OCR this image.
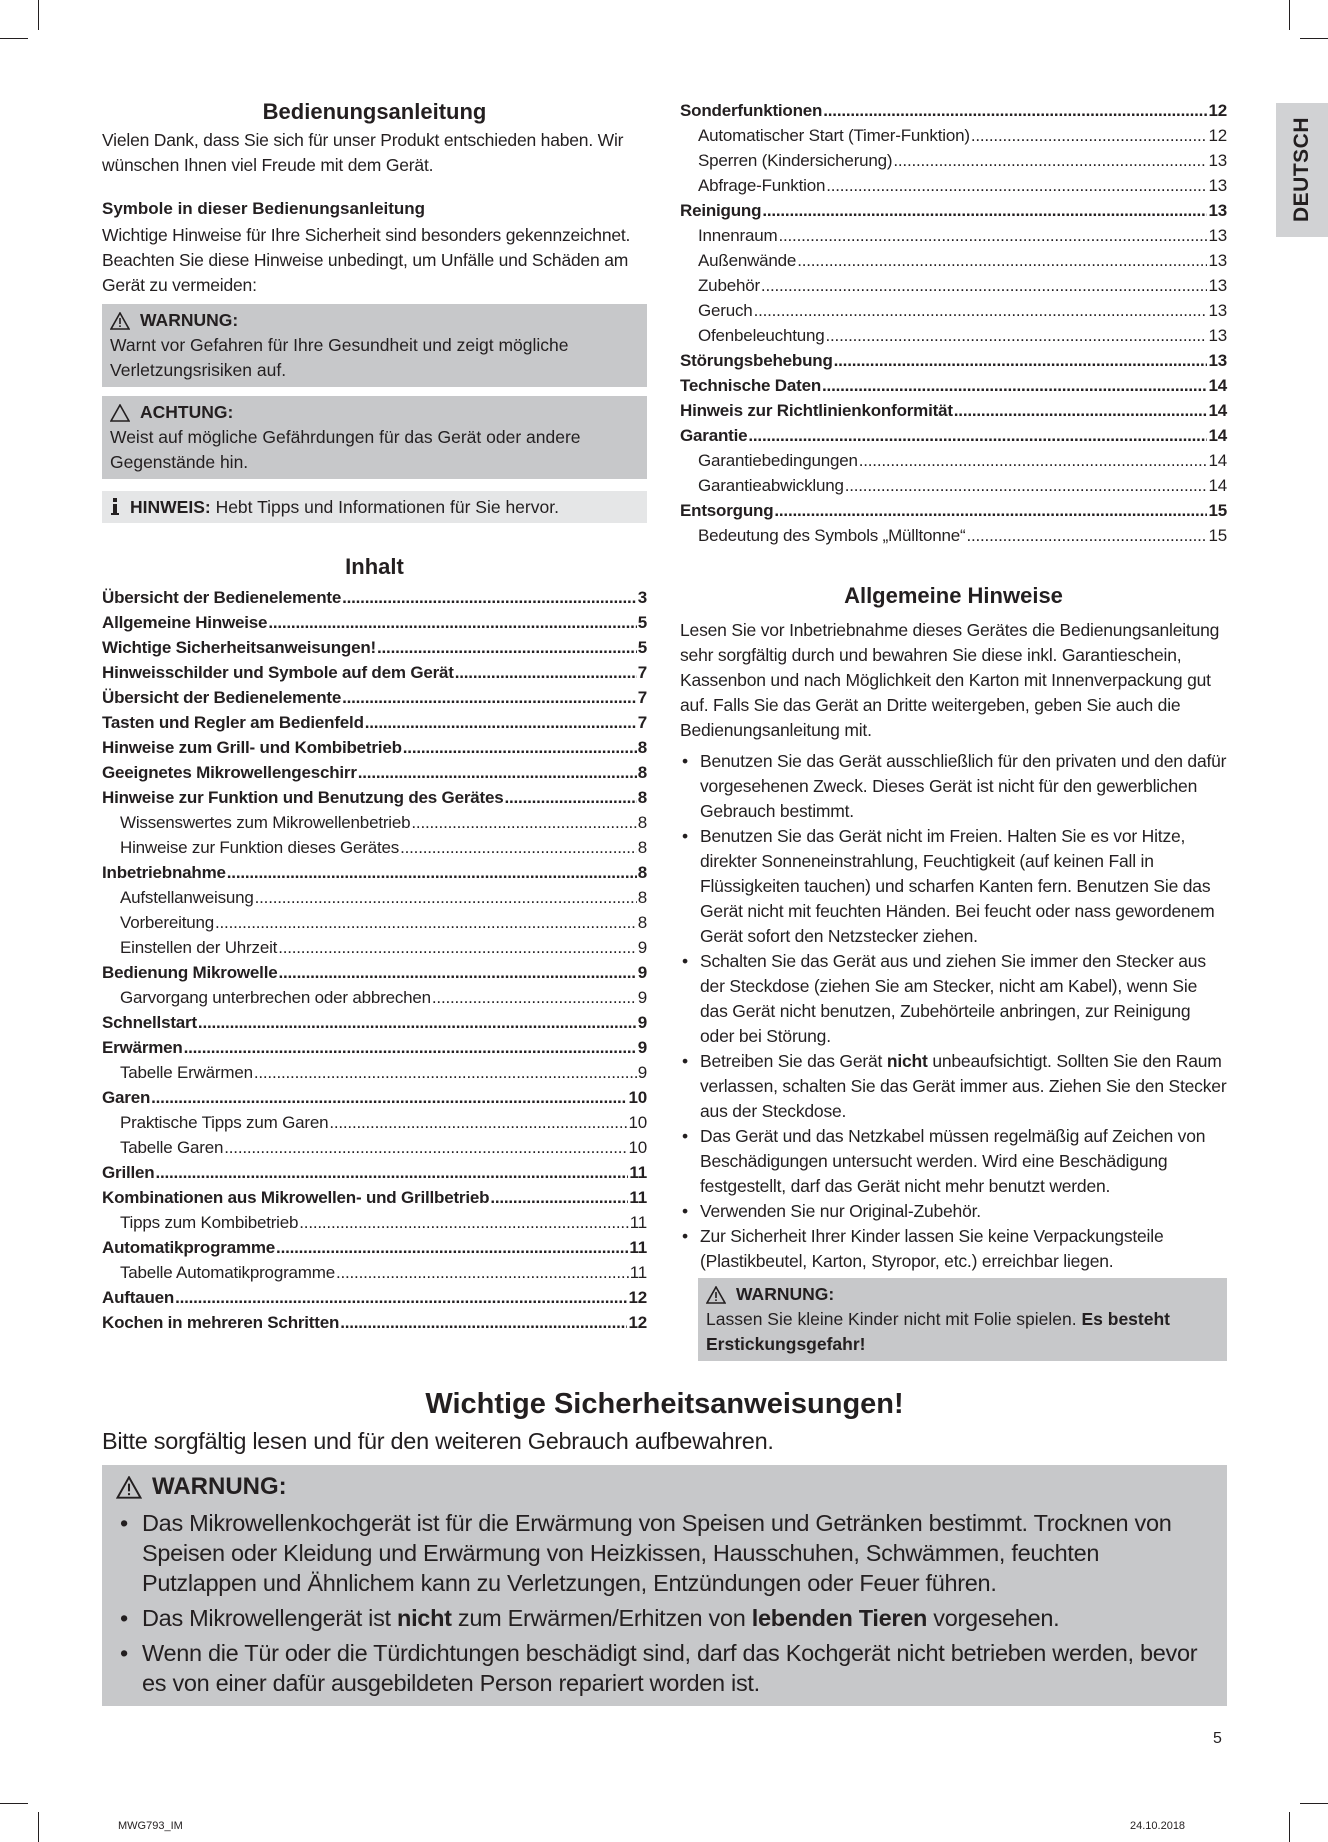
DEUTSCH
Bedienungsanleitung

Vielen Dank, dass Sie sich für unser Produkt entschieden haben. Wir wünschen Ihnen viel Freude mit dem Gerät.

Symbole in dieser Bedienungsanleitung

Wichtige Hinweise für Ihre Sicherheit sind besonders gekennzeichnet. Beachten Sie diese Hinweise unbedingt, um Unfälle und Schäden am Gerät zu vermeiden:

WARNUNG:
Warnt vor Gefahren für Ihre Gesundheit und zeigt mögliche Verletzungsrisiken auf.
ACHTUNG:
Weist auf mögliche Gefährdungen für das Gerät oder andere Gegenstände hin.
HINWEIS: Hebt Tipps und Informationen für Sie hervor.
Inhalt
Übersicht der Bedienelemente .....	3
Allgemeine Hinweise .....	5
Wichtige Sicherheitsanweisungen! .....	5
Hinweisschilder und Symbole auf dem Gerät .....	7
Übersicht der Bedienelemente .....	7
Tasten und Regler am Bedienfeld .....	7
Hinweise zum Grill- und Kombibetrieb .....	8
Geeignetes Mikrowellengeschirr .....	8
Hinweise zur Funktion und Benutzung des Gerätes .....	8
Wissenswertes zum Mikrowellenbetrieb .....	8
Hinweise zur Funktion dieses Gerätes .....	8
Inbetriebnahme .....	8
Aufstellanweisung .....	8
Vorbereitung .....	8
Einstellen der Uhrzeit .....	9
Bedienung Mikrowelle .....	9
Garvorgang unterbrechen oder abbrechen .....	9
Schnellstart .....	9
Erwärmen .....	9
Tabelle Erwärmen .....	9
Garen .....	10
Praktische Tipps zum Garen .....	10
Tabelle Garen .....	10
Grillen .....	11
Kombinationen aus Mikrowellen- und Grillbetrieb .....	11
Tipps zum Kombibetrieb .....	11
Automatikprogramme .....	11
Tabelle Automatikprogramme .....	11
Auftauen .....	12
Kochen in mehreren Schritten .....	12
Sonderfunktionen .....	12
Automatischer Start (Timer-Funktion) .....	12
Sperren (Kindersicherung) .....	13
Abfrage-Funktion .....	13
Reinigung .....	13
Innenraum .....	13
Außenwände .....	13
Zubehör .....	13
Geruch .....	13
Ofenbeleuchtung .....	13
Störungsbehebung .....	13
Technische Daten .....	14
Hinweis zur Richtlinienkonformität .....	14
Garantie .....	14
Garantiebedingungen .....	14
Garantieabwicklung .....	14
Entsorgung .....	15
Bedeutung des Symbols „Mülltonne“ .....	15
Allgemeine Hinweise

Lesen Sie vor Inbetriebnahme dieses Gerätes die Bedienungsanleitung sehr sorgfältig durch und bewahren Sie diese inkl. Garantieschein, Kassenbon und nach Möglichkeit den Karton mit Innenverpackung gut auf. Falls Sie das Gerät an Dritte weitergeben, geben Sie auch die Bedienungsanleitung mit.

• Benutzen Sie das Gerät ausschließlich für den privaten und den dafür vorgesehenen Zweck. Dieses Gerät ist nicht für den gewerblichen Gebrauch bestimmt.
• Benutzen Sie das Gerät nicht im Freien. Halten Sie es vor Hitze, direkter Sonneneinstrahlung, Feuchtigkeit (auf keinen Fall in Flüssigkeiten tauchen) und scharfen Kanten fern. Benutzen Sie das Gerät nicht mit feuchten Händen. Bei feucht oder nass gewordenem Gerät sofort den Netzstecker ziehen.
• Schalten Sie das Gerät aus und ziehen Sie immer den Stecker aus der Steckdose (ziehen Sie am Stecker, nicht am Kabel), wenn Sie das Gerät nicht benutzen, Zubehörteile anbringen, zur Reinigung oder bei Störung.
• Betreiben Sie das Gerät nicht unbeaufsichtigt. Sollten Sie den Raum verlassen, schalten Sie das Gerät immer aus. Ziehen Sie den Stecker aus der Steckdose.
• Das Gerät und das Netzkabel müssen regelmäßig auf Zeichen von Beschädigungen untersucht werden. Wird eine Beschädigung festgestellt, darf das Gerät nicht mehr benutzt werden.
• Verwenden Sie nur Original-Zubehör.
• Zur Sicherheit Ihrer Kinder lassen Sie keine Verpackungsteile (Plastikbeutel, Karton, Styropor, etc.) erreichbar liegen.
WARNUNG:
Lassen Sie kleine Kinder nicht mit Folie spielen. Es besteht Erstickungsgefahr!
Wichtige Sicherheitsanweisungen!

Bitte sorgfältig lesen und für den weiteren Gebrauch aufbewahren.

WARNUNG:
• Das Mikrowellenkochgerät ist für die Erwärmung von Speisen und Getränken bestimmt. Trocknen von Speisen oder Kleidung und Erwärmung von Heizkissen, Hausschuhen, Schwämmen, feuchten Putzlappen und Ähnlichem kann zu Verletzungen, Entzündungen oder Feuer führen.
• Das Mikrowellengerät ist nicht zum Erwärmen/Erhitzen von lebenden Tieren vorgesehen.
• Wenn die Tür oder die Türdichtungen beschädigt sind, darf das Kochgerät nicht betrieben werden, bevor es von einer dafür ausgebildeten Person repariert worden ist.
5
MWG793_IM	24.10.2018
